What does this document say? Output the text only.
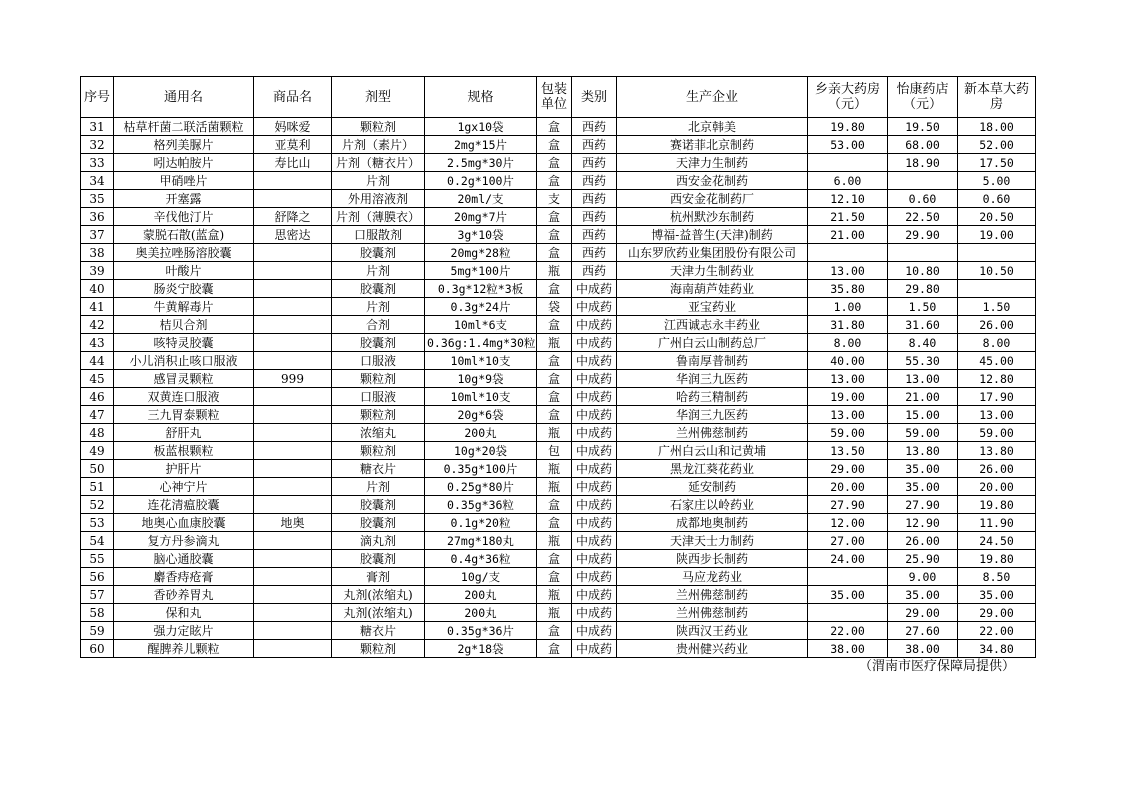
序号	通用名	商品名	剂型	规格	包装单位	类别	生产企业	乡亲大药房（元）	怡康药店（元）	新本草大药房
31	枯草杆菌二联活菌颗粒	妈咪爱	颗粒剂	1gx10袋	盒	西药	北京韩美	19.80	19.50	18.00
32	格列美脲片	亚莫利	片剂（素片）	2mg*15片	盒	西药	赛诺菲北京制药	53.00	68.00	52.00
33	吲达帕胺片	寿比山	片剂（糖衣片）	2.5mg*30片	盒	西药	天津力生制药		18.90	17.50
34	甲硝唑片		片剂	0.2g*100片	盒	西药	西安金花制药	6.00		5.00
35	开塞露		外用溶液剂	20ml/支	支	西药	西安金花制药厂	12.10	0.60	0.60
36	辛伐他汀片	舒降之	片剂（薄膜衣）	20mg*7片	盒	西药	杭州默沙东制药	21.50	22.50	20.50
37	蒙脱石散(蓝盒)	思密达	口服散剂	3g*10袋	盒	西药	博福-益普生(天津)制药	21.00	29.90	19.00
38	奥美拉唑肠溶胶囊		胶囊剂	20mg*28粒	盒	西药	山东罗欣药业集团股份有限公司			
39	叶酸片		片剂	5mg*100片	瓶	西药	天津力生制药业	13.00	10.80	10.50
40	肠炎宁胶囊		胶囊剂	0.3g*12粒*3板	盒	中成药	海南葫芦娃药业	35.80	29.80	
41	牛黄解毒片		片剂	0.3g*24片	袋	中成药	亚宝药业	1.00	1.50	1.50
42	桔贝合剂		合剂	10ml*6支	盒	中成药	江西诚志永丰药业	31.80	31.60	26.00
43	咳特灵胶囊		胶囊剂	0.36g:1.4mg*30粒	瓶	中成药	广州白云山制药总厂	8.00	8.40	8.00
44	小儿消积止咳口服液		口服液	10ml*10支	盒	中成药	鲁南厚普制药	40.00	55.30	45.00
45	感冒灵颗粒	999	颗粒剂	10g*9袋	盒	中成药	华润三九医药	13.00	13.00	12.80
46	双黄连口服液		口服液	10ml*10支	盒	中成药	哈药三精制药	19.00	21.00	17.90
47	三九胃泰颗粒		颗粒剂	20g*6袋	盒	中成药	华润三九医药	13.00	15.00	13.00
48	舒肝丸		浓缩丸	200丸	瓶	中成药	兰州佛慈制药	59.00	59.00	59.00
49	板蓝根颗粒		颗粒剂	10g*20袋	包	中成药	广州白云山和记黄埔	13.50	13.80	13.80
50	护肝片		糖衣片	0.35g*100片	瓶	中成药	黑龙江葵花药业	29.00	35.00	26.00
51	心神宁片		片剂	0.25g*80片	瓶	中成药	延安制药	20.00	35.00	20.00
52	连花清瘟胶囊		胶囊剂	0.35g*36粒	盒	中成药	石家庄以岭药业	27.90	27.90	19.80
53	地奥心血康胶囊	地奥	胶囊剂	0.1g*20粒	盒	中成药	成都地奥制药	12.00	12.90	11.90
54	复方丹参滴丸		滴丸剂	27mg*180丸	瓶	中成药	天津天士力制药	27.00	26.00	24.50
55	脑心通胶囊		胶囊剂	0.4g*36粒	盒	中成药	陕西步长制药	24.00	25.90	19.80
56	麝香痔疮膏		膏剂	10g/支	盒	中成药	马应龙药业		9.00	8.50
57	香砂养胃丸		丸剂(浓缩丸)	200丸	瓶	中成药	兰州佛慈制药	35.00	35.00	35.00
58	保和丸		丸剂(浓缩丸)	200丸	瓶	中成药	兰州佛慈制药		29.00	29.00
59	强力定眩片		糖衣片	0.35g*36片	盒	中成药	陕西汉王药业	22.00	27.60	22.00
60	醒脾养儿颗粒		颗粒剂	2g*18袋	盒	中成药	贵州健兴药业	38.00	38.00	34.80
（渭南市医疗保障局提供）
